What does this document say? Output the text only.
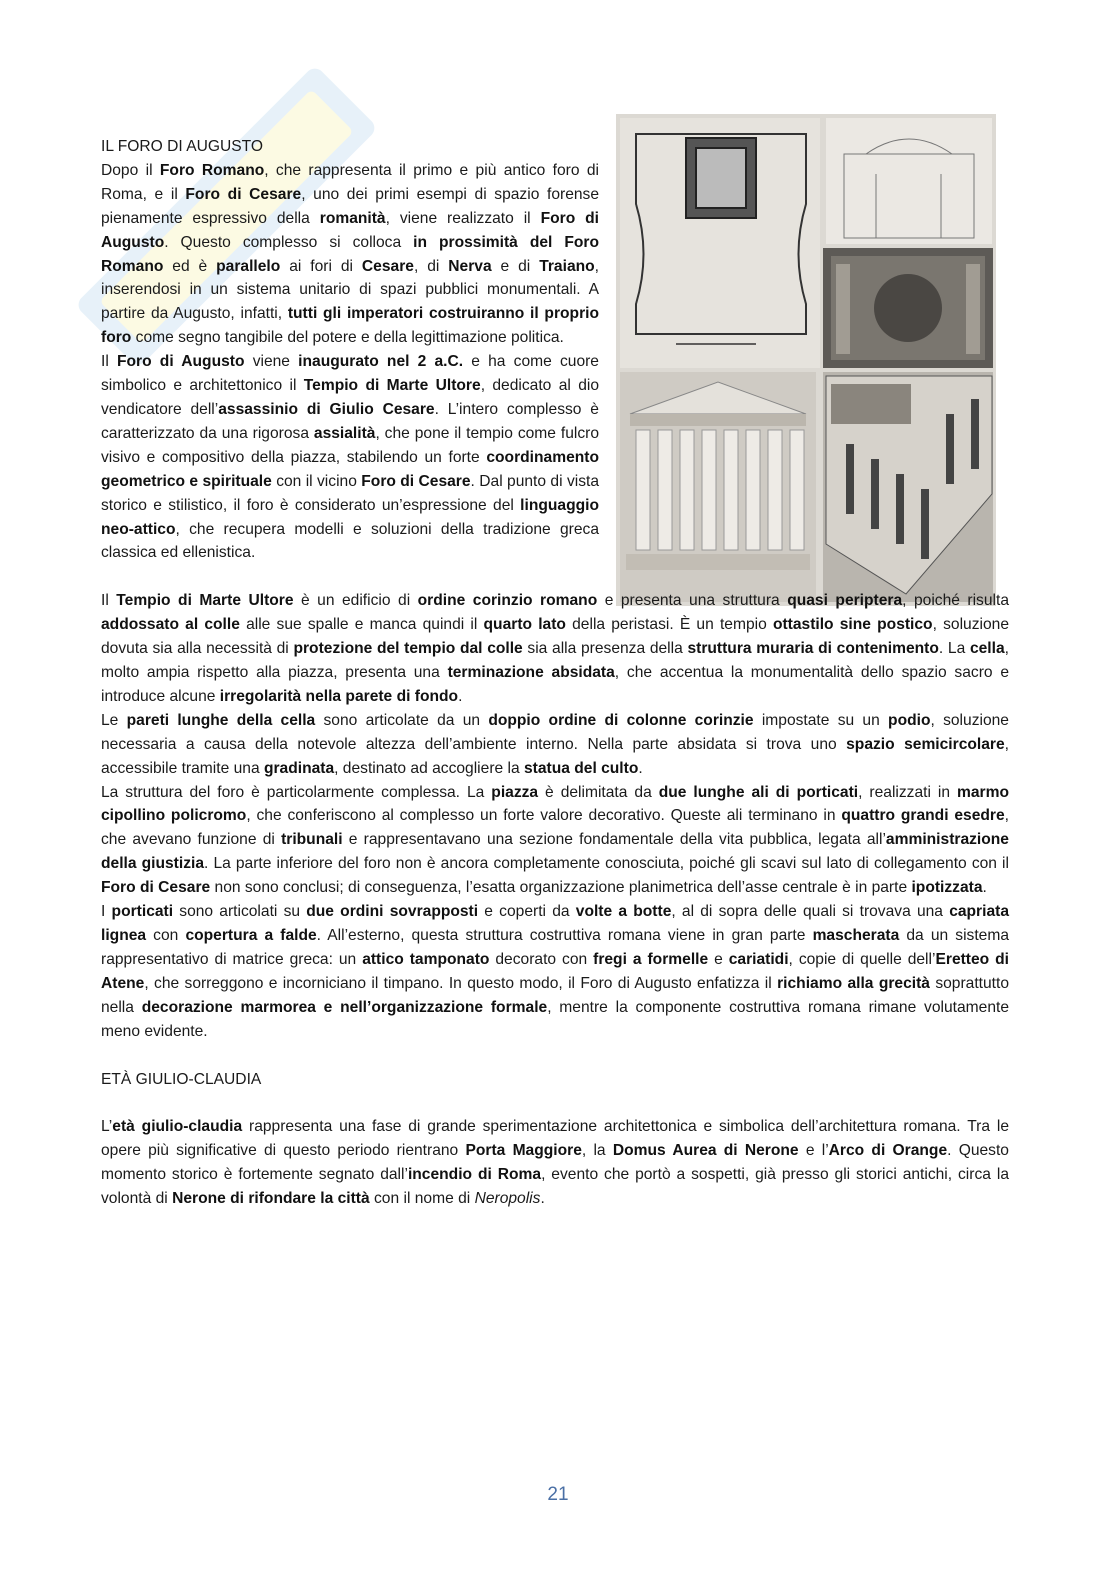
IL FORO DI AUGUSTO

Dopo il Foro Romano, che rappresenta il primo e più antico foro di Roma, e il Foro di Cesare, uno dei primi esempi di spazio forense pienamente espressivo della romanità, viene realizzato il Foro di Augusto. Questo complesso si colloca in prossimità del Foro Romano ed è parallelo ai fori di Cesare, di Nerva e di Traiano, inserendosi in un sistema unitario di spazi pubblici monumentali. A partire da Augusto, infatti, tutti gli imperatori costruiranno il proprio foro come segno tangibile del potere e della legittimazione politica.

Il Foro di Augusto viene inaugurato nel 2 a.C. e ha come cuore simbolico e architettonico il Tempio di Marte Ultore, dedicato al dio vendicatore dell’assassinio di Giulio Cesare. L’intero complesso è caratterizzato da una rigorosa assialità, che pone il tempio come fulcro visivo e compositivo della piazza, stabilendo un forte coordinamento geometrico e spirituale con il vicino Foro di Cesare. Dal punto di vista storico e stilistico, il foro è considerato un’espressione del linguaggio neo-attico, che recupera modelli e soluzioni della tradizione greca classica ed ellenistica.

Il Tempio di Marte Ultore è un edificio di ordine corinzio romano e presenta una struttura quasi periptera, poiché risulta addossato al colle alle sue spalle e manca quindi il quarto lato della peristasi. È un tempio ottastilo sine postico, soluzione dovuta sia alla necessità di protezione del tempio dal colle sia alla presenza della struttura muraria di contenimento. La cella, molto ampia rispetto alla piazza, presenta una terminazione absidata, che accentua la monumentalità dello spazio sacro e introduce alcune irregolarità nella parete di fondo.

Le pareti lunghe della cella sono articolate da un doppio ordine di colonne corinzie impostate su un podio, soluzione necessaria a causa della notevole altezza dell’ambiente interno. Nella parte absidata si trova uno spazio semicircolare, accessibile tramite una gradinata, destinato ad accogliere la statua del culto.

La struttura del foro è particolarmente complessa. La piazza è delimitata da due lunghe ali di porticati, realizzati in marmo cipollino policromo, che conferiscono al complesso un forte valore decorativo. Queste ali terminano in quattro grandi esedre, che avevano funzione di tribunali e rappresentavano una sezione fondamentale della vita pubblica, legata all’amministrazione della giustizia. La parte inferiore del foro non è ancora completamente conosciuta, poiché gli scavi sul lato di collegamento con il Foro di Cesare non sono conclusi; di conseguenza, l’esatta organizzazione planimetrica dell’asse centrale è in parte ipotizzata.

I porticati sono articolati su due ordini sovrapposti e coperti da volte a botte, al di sopra delle quali si trovava una capriata lignea con copertura a falde. All’esterno, questa struttura costruttiva romana viene in gran parte mascherata da un sistema rappresentativo di matrice greca: un attico tamponato decorato con fregi a formelle e cariatidi, copie di quelle dell’Eretteo di Atene, che sorreggono e incorniciano il timpano. In questo modo, il Foro di Augusto enfatizza il richiamo alla grecità soprattutto nella decorazione marmorea e nell’organizzazione formale, mentre la componente costruttiva romana rimane volutamente meno evidente.

ETÀ GIULIO-CLAUDIA

L’età giulio-claudia rappresenta una fase di grande sperimentazione architettonica e simbolica dell’architettura romana. Tra le opere più significative di questo periodo rientrano Porta Maggiore, la Domus Aurea di Nerone e l’Arco di Orange. Questo momento storico è fortemente segnato dall’incendio di Roma, evento che portò a sospetti, già presso gli storici antichi, circa la volontà di Nerone di rifondare la città con il nome di Neropolis.

21
